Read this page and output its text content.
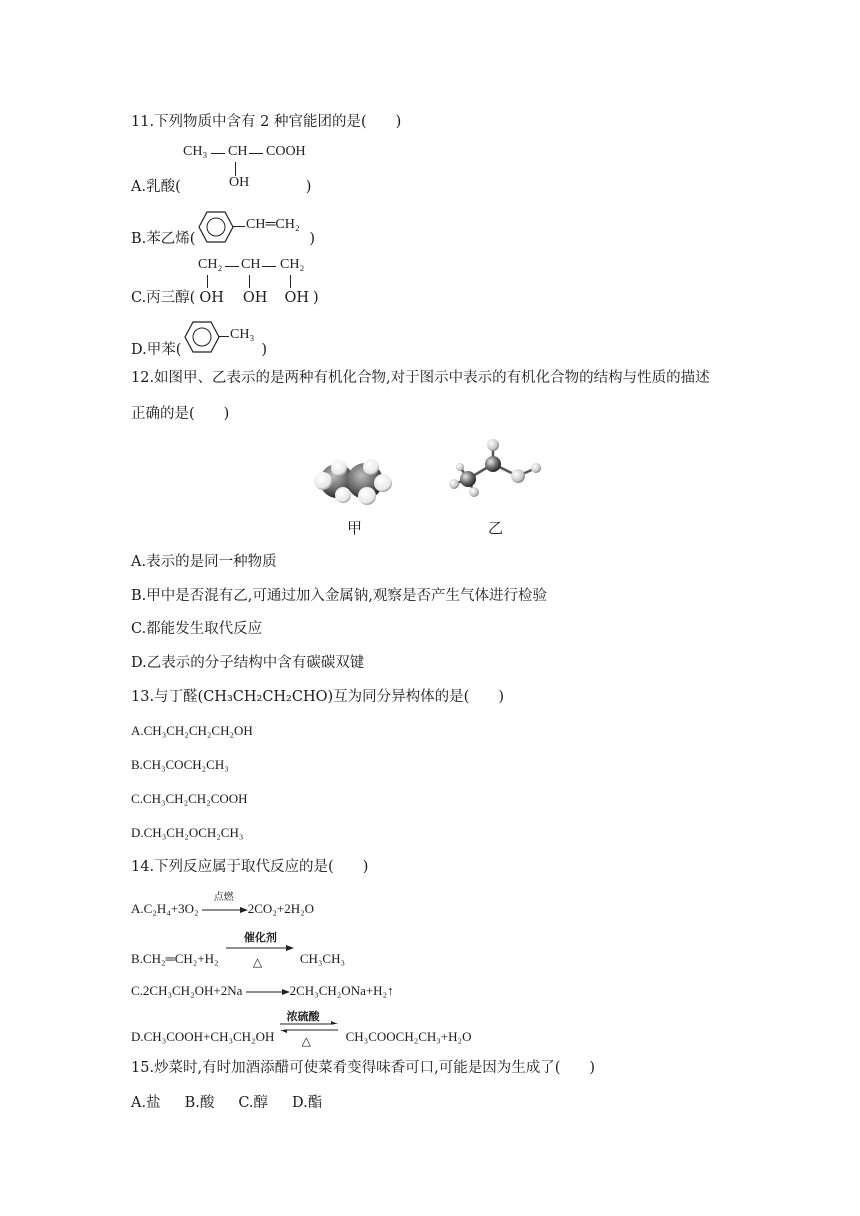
11.下列物质中含有 2 种官能团的是(　　)
CH₃ CH COOH
OH
A.乳酸(	)
B.苯乙烯(	)
CH═CH₂
CH₂ CH CH₂
C.丙三醇( OH OH OH )
D.甲苯(	)
CH₃
12.如图甲、乙表示的是两种有机化合物,对于图示中表示的有机化合物的结构与性质的描述
正确的是(　　)
甲	乙
A.表示的是同一种物质
B.甲中是否混有乙,可通过加入金属钠,观察是否产生气体进行检验
C.都能发生取代反应
D.乙表示的分子结构中含有碳碳双键
13.与丁醛(CH₃CH₂CH₂CHO)互为同分异构体的是(　　)
A.CH₃CH₂CH₂CH₂OH
B.CH₃COCH₂CH₃
C.CH₃CH₂CH₂COOH
D.CH₃CH₂OCH₂CH₃
14.下列反应属于取代反应的是(　　)
A.C₂H₄+3O₂
点燃
2CO₂+2H₂O
B.CH₂═CH₂+H₂
催化剂
△	CH₃CH₃
C.2CH₃CH₂OH+2Na	2CH₃CH₂ONa+H₂↑
D.CH₃COOH+CH₃CH₂OH
浓硫酸
△	CH₃COOCH₂CH₃+H₂O
15.炒菜时,有时加酒添醋可使菜肴变得味香可口,可能是因为生成了(　　)
A.盐 B.酸 C.醇 D.酯
